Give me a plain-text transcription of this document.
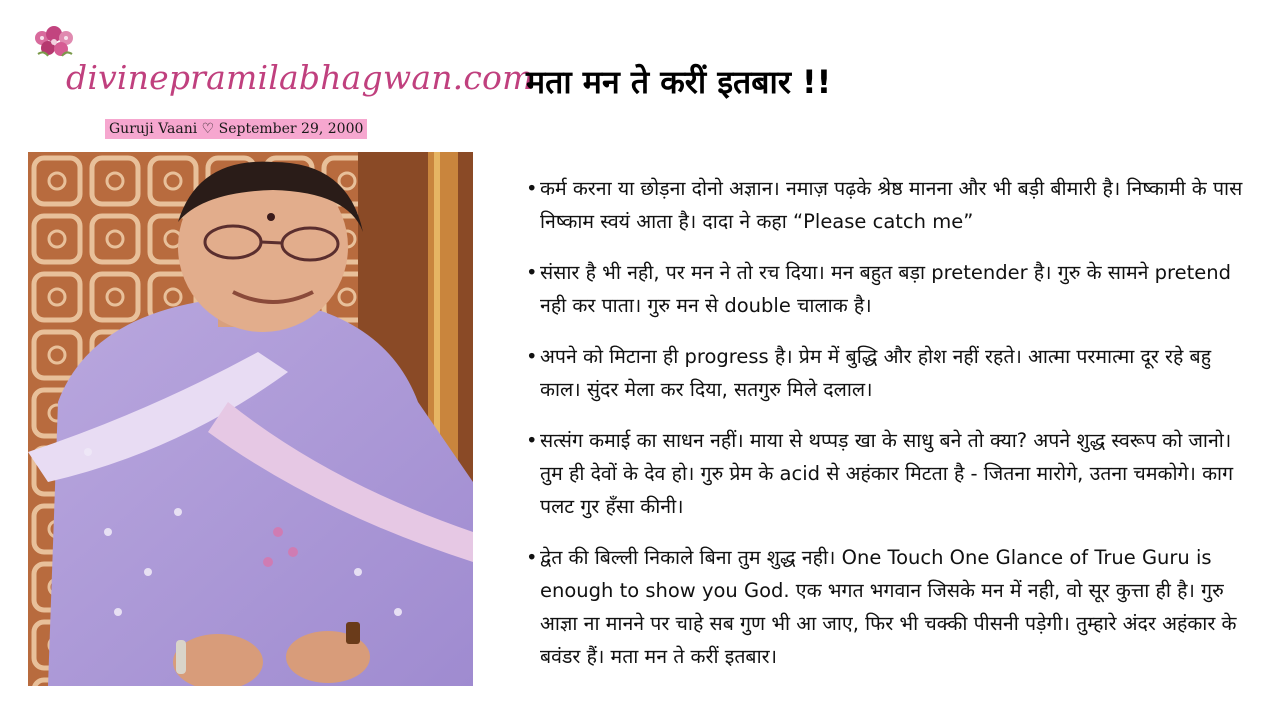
divinepramilabhagwan.com
Guruji Vaani ♡ September 29, 2000
मता मन ते करीं इतबार !!
• कर्म करना या छोड़ना दोनो अज्ञान। नमाज़ पढ़के श्रेष्ठ मानना और भी बड़ी बीमारी है। निष्कामी के पास निष्काम स्वयं आता है। दादा ने कहा “Please catch me”
• संसार है भी नही, पर मन ने तो रच दिया। मन बहुत बड़ा pretender है। गुरु के सामने pretend नही कर पाता। गुरु मन से double चालाक है।
• अपने को मिटाना ही progress है। प्रेम में बुद्धि और होश नहीं रहते। आत्मा परमात्मा दूर रहे बहु काल। सुंदर मेला कर दिया, सतगुरु मिले दलाल।
• सत्संग कमाई का साधन नहीं। माया से थप्पड़ खा के साधु बने तो क्या? अपने शुद्ध स्वरूप को जानो। तुम ही देवों के देव हो। गुरु प्रेम के acid से अहंकार मिटता है - जितना मारोगे, उतना चमकोगे। काग पलट गुर हँसा कीनी।
• द्वेत की बिल्ली निकाले बिना तुम शुद्ध नही। One Touch One Glance of True Guru is enough to show you God. एक भगत भगवान जिसके मन में नही, वो सूर कुत्ता ही है। गुरु आज्ञा ना मानने पर चाहे सब गुण भी आ जाए, फिर भी चक्की पीसनी पड़ेगी। तुम्हारे अंदर अहंकार के बवंडर हैं। मता मन ते करीं इतबार।
